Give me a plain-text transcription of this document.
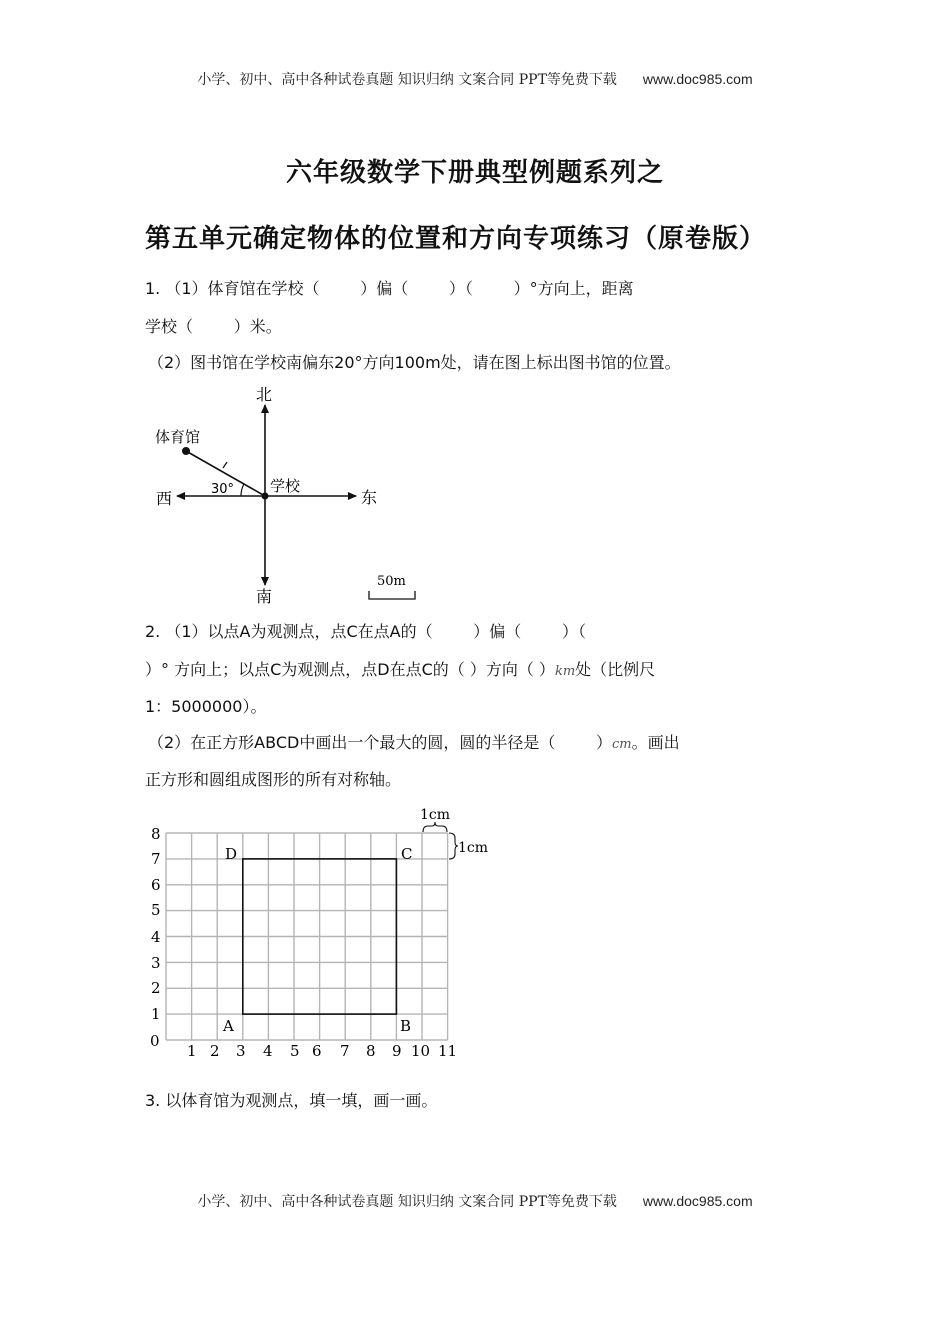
小学、初中、高中各种试卷真题 知识归纳 文案合同 PPT等免费下载 www.doc985.com
六年级数学下册典型例题系列之
第五单元确定物体的位置和方向专项练习（原卷版）
1. （1）体育馆在学校（        ）偏（        ）（        ）°方向上，距离
学校（        ）米。
（2）图书馆在学校南偏东20°方向100m处，请在图上标出图书馆的位置。
北
南
东
西
体育馆
学校
30°
50m
2. （1）以点A为观测点，点C在点A的（        ）偏（        ）（
）° 方向上；以点C为观测点，点D在点C的（ ）方向（ ）km处（比例尺
1：5000000）。
（2）在正方形ABCD中画出一个最大的圆，圆的半径是（        ）cm。画出
正方形和圆组成图形的所有对称轴。
A	B
C
D
0
1
2
3
4
5
6
7
8
1 2 3 4 5 6 7 8 9 10 11
1cm
1cm
3. 以体育馆为观测点，填一填，画一画。
小学、初中、高中各种试卷真题 知识归纳 文案合同 PPT等免费下载 www.doc985.com
